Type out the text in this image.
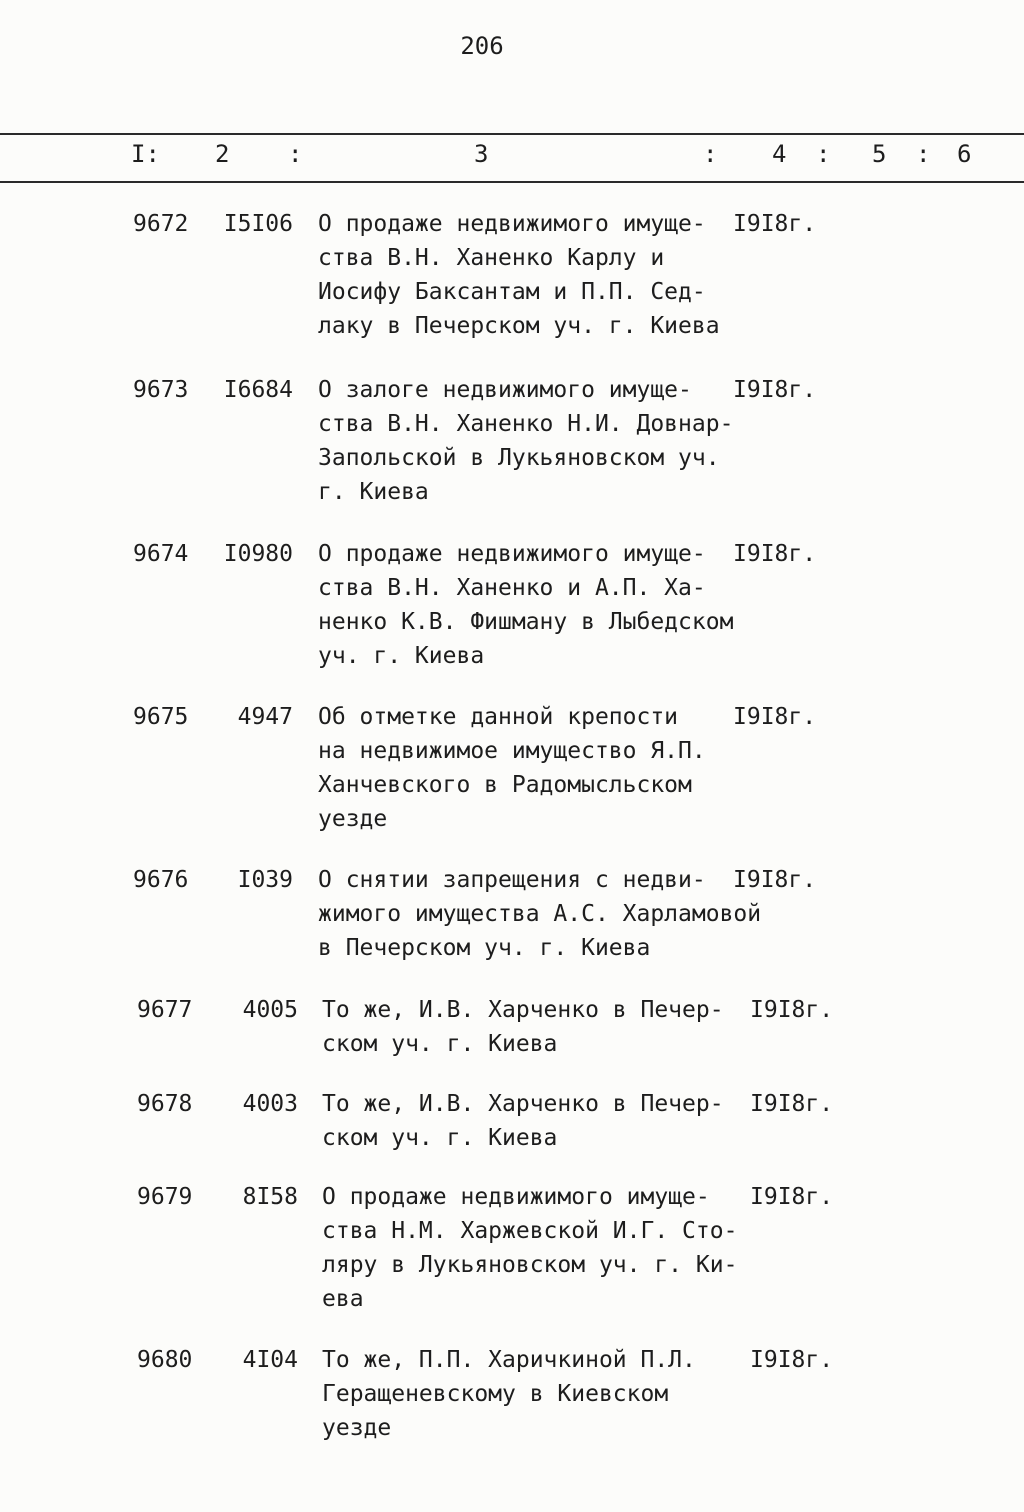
206
I: 2 :	3	: 4 : 5 : 6
9672	I5I06 О продаже недвижимого имуще-
ства В.Н. Ханенко Карлу и
Иосифу Баксантам и П.П. Сед-
лаку в Печерском уч. г. Киева
I9I8г.
9673	I6684 О залоге недвижимого имуще-
ства В.Н. Ханенко Н.И. Довнар-
Запольской в Лукьяновском уч.
г. Киева
I9I8г.
9674	I0980 О продаже недвижимого имуще-
ства В.Н. Ханенко и А.П. Ха-
ненко К.В. Фишману в Лыбедском
уч. г. Киева
I9I8г.
9675	4947 Об отметке данной крепости
на недвижимое имущество Я.П.
Ханчевского в Радомысльском
уезде
I9I8г.
9676	I039 О снятии запрещения с недви-
жимого имущества А.С. Харламовой
в Печерском уч. г. Киева
I9I8г.
9677	4005 То же, И.В. Харченко в Печер-
ском уч. г. Киева
I9I8г.
9678	4003 То же, И.В. Харченко в Печер-
ском уч. г. Киева
I9I8г.
9679	8I58 О продаже недвижимого имуще-
ства Н.М. Харжевской И.Г. Сто-
ляру в Лукьяновском уч. г. Ки-
ева
I9I8г.
9680	4I04 То же, П.П. Харичкиной П.Л.
Геращеневскому в Киевском
уезде
I9I8г.
